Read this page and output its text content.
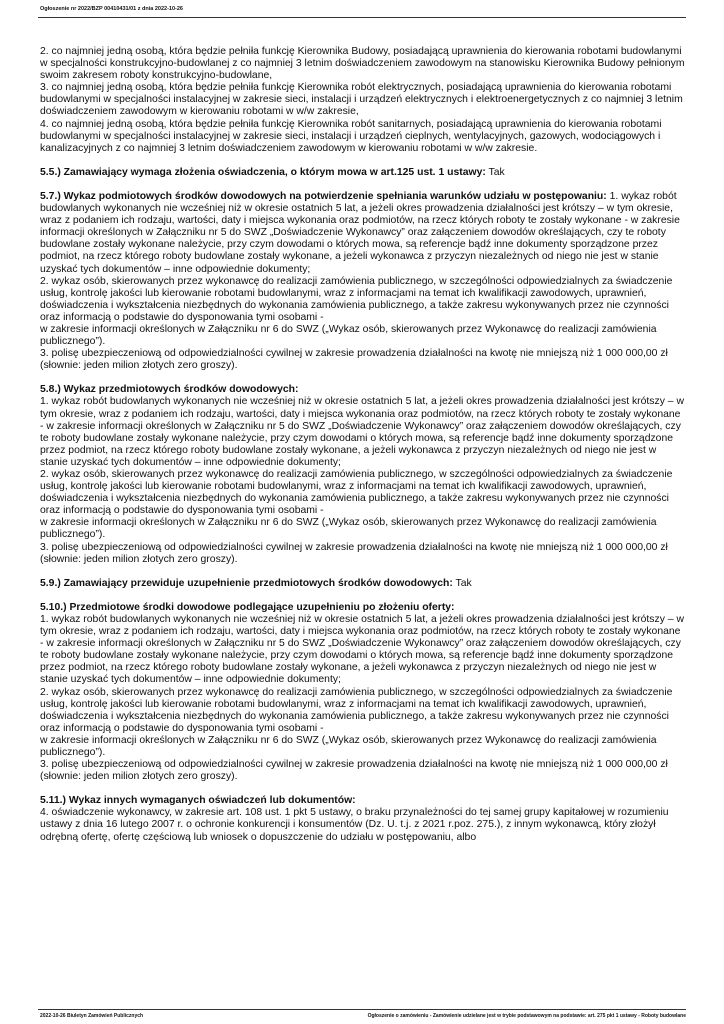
Ogłoszenie nr 2022/BZP 00410431/01 z dnia 2022-10-26

2. co najmniej jedną osobą, która będzie pełniła funkcję Kierownika Budowy, posiadającą uprawnienia do kierowania robotami budowlanymi w specjalności konstrukcyjno-budowlanej z co najmniej 3 letnim doświadczeniem zawodowym na stanowisku Kierownika Budowy pełnionym swoim zakresem roboty konstrukcyjno-budowlane,

3. co najmniej jedną osobą, która będzie pełniła funkcję Kierownika robót elektrycznych, posiadającą uprawnienia do kierowania robotami budowlanymi w specjalności instalacyjnej w zakresie sieci, instalacji i urządzeń elektrycznych i elektroenergetycznych z co najmniej 3 letnim doświadczeniem zawodowym w kierowaniu robotami w w/w zakresie,

4. co najmniej jedną osobą, która będzie pełniła funkcję Kierownika robót sanitarnych, posiadającą uprawnienia do kierowania robotami budowlanymi w specjalności instalacyjnej w zakresie sieci, instalacji i urządzeń cieplnych, wentylacyjnych, gazowych, wodociągowych i kanalizacyjnych z co najmniej 3 letnim doświadczeniem zawodowym w kierowaniu robotami w w/w zakresie.

5.5.) Zamawiający wymaga złożenia oświadczenia, o którym mowa w art.125 ust. 1 ustawy: Tak

5.7.) Wykaz podmiotowych środków dowodowych na potwierdzenie spełniania warunków udziału w postępowaniu: 1. wykaz robót budowlanych wykonanych nie wcześniej niż w okresie ostatnich 5 lat, a jeżeli okres prowadzenia działalności jest krótszy – w tym okresie, wraz z podaniem ich rodzaju, wartości, daty i miejsca wykonania oraz podmiotów, na rzecz których roboty te zostały wykonane - w zakresie informacji określonych w Załączniku nr 5 do SWZ „Doświadczenie Wykonawcy” oraz załączeniem dowodów określających, czy te roboty budowlane zostały wykonane należycie, przy czym dowodami o których mowa, są referencje bądź inne dokumenty sporządzone przez podmiot, na rzecz którego roboty budowlane zostały wykonane, a jeżeli wykonawca z przyczyn niezależnych od niego nie jest w stanie uzyskać tych dokumentów – inne odpowiednie dokumenty;

2. wykaz osób, skierowanych przez wykonawcę do realizacji zamówienia publicznego, w szczególności odpowiedzialnych za świadczenie usług, kontrolę jakości lub kierowanie robotami budowlanymi, wraz z informacjami na temat ich kwalifikacji zawodowych, uprawnień, doświadczenia i wykształcenia niezbędnych do wykonania zamówienia publicznego, a także zakresu wykonywanych przez nie czynności oraz informacją o podstawie do dysponowania tymi osobami -

w zakresie informacji określonych w Załączniku nr 6 do SWZ („Wykaz osób, skierowanych przez Wykonawcę do realizacji zamówienia publicznego”).

3. polisę ubezpieczeniową od odpowiedzialności cywilnej w zakresie prowadzenia działalności na kwotę nie mniejszą niż 1 000 000,00 zł (słownie: jeden milion złotych zero groszy).

5.8.) Wykaz przedmiotowych środków dowodowych:

1. wykaz robót budowlanych wykonanych nie wcześniej niż w okresie ostatnich 5 lat, a jeżeli okres prowadzenia działalności jest krótszy – w tym okresie, wraz z podaniem ich rodzaju, wartości, daty i miejsca wykonania oraz podmiotów, na rzecz których roboty te zostały wykonane - w zakresie informacji określonych w Załączniku nr 5 do SWZ „Doświadczenie Wykonawcy” oraz załączeniem dowodów określających, czy te roboty budowlane zostały wykonane należycie, przy czym dowodami o których mowa, są referencje bądź inne dokumenty sporządzone przez podmiot, na rzecz którego roboty budowlane zostały wykonane, a jeżeli wykonawca z przyczyn niezależnych od niego nie jest w stanie uzyskać tych dokumentów – inne odpowiednie dokumenty;

2. wykaz osób, skierowanych przez wykonawcę do realizacji zamówienia publicznego, w szczególności odpowiedzialnych za świadczenie usług, kontrolę jakości lub kierowanie robotami budowlanymi, wraz z informacjami na temat ich kwalifikacji zawodowych, uprawnień, doświadczenia i wykształcenia niezbędnych do wykonania zamówienia publicznego, a także zakresu wykonywanych przez nie czynności oraz informacją o podstawie do dysponowania tymi osobami -

w zakresie informacji określonych w Załączniku nr 6 do SWZ („Wykaz osób, skierowanych przez Wykonawcę do realizacji zamówienia publicznego”).

3. polisę ubezpieczeniową od odpowiedzialności cywilnej w zakresie prowadzenia działalności na kwotę nie mniejszą niż 1 000 000,00 zł (słownie: jeden milion złotych zero groszy).

5.9.) Zamawiający przewiduje uzupełnienie przedmiotowych środków dowodowych: Tak

5.10.) Przedmiotowe środki dowodowe podlegające uzupełnieniu po złożeniu oferty:

1. wykaz robót budowlanych wykonanych nie wcześniej niż w okresie ostatnich 5 lat, a jeżeli okres prowadzenia działalności jest krótszy – w tym okresie, wraz z podaniem ich rodzaju, wartości, daty i miejsca wykonania oraz podmiotów, na rzecz których roboty te zostały wykonane - w zakresie informacji określonych w Załączniku nr 5 do SWZ „Doświadczenie Wykonawcy” oraz załączeniem dowodów określających, czy te roboty budowlane zostały wykonane należycie, przy czym dowodami o których mowa, są referencje bądź inne dokumenty sporządzone przez podmiot, na rzecz którego roboty budowlane zostały wykonane, a jeżeli wykonawca z przyczyn niezależnych od niego nie jest w stanie uzyskać tych dokumentów – inne odpowiednie dokumenty;

2. wykaz osób, skierowanych przez wykonawcę do realizacji zamówienia publicznego, w szczególności odpowiedzialnych za świadczenie usług, kontrolę jakości lub kierowanie robotami budowlanymi, wraz z informacjami na temat ich kwalifikacji zawodowych, uprawnień, doświadczenia i wykształcenia niezbędnych do wykonania zamówienia publicznego, a także zakresu wykonywanych przez nie czynności oraz informacją o podstawie do dysponowania tymi osobami -

w zakresie informacji określonych w Załączniku nr 6 do SWZ („Wykaz osób, skierowanych przez Wykonawcę do realizacji zamówienia publicznego”).

3. polisę ubezpieczeniową od odpowiedzialności cywilnej w zakresie prowadzenia działalności na kwotę nie mniejszą niż 1 000 000,00 zł (słownie: jeden milion złotych zero groszy).

5.11.) Wykaz innych wymaganych oświadczeń lub dokumentów:

4. oświadczenie wykonawcy, w zakresie art. 108 ust. 1 pkt 5 ustawy, o braku przynależności do tej samej grupy kapitałowej w rozumieniu ustawy z dnia 16 lutego 2007 r. o ochronie konkurencji i konsumentów (Dz. U. t.j. z 2021 r.poz. 275.), z innym wykonawcą, który złożył odrębną ofertę, ofertę częściową lub wniosek o dopuszczenie do udziału w postępowaniu, albo

2022-10-26 Biuletyn Zamówień Publicznych	Ogłoszenie o zamówieniu - Zamówienie udzielane jest w trybie podstawowym na podstawie: art. 275 pkt 1 ustawy - Roboty budowlane
